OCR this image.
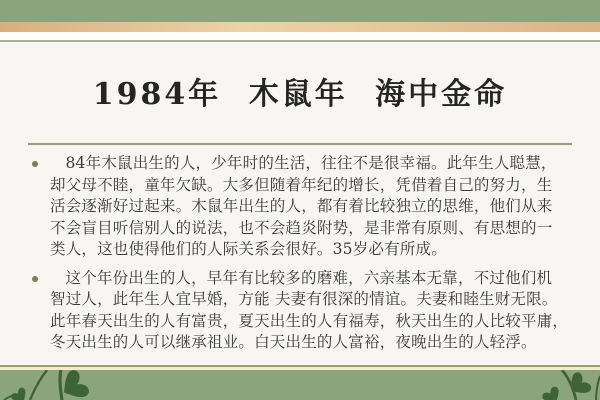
1984年 木鼠年 海中金命
84年木鼠出生的人，少年时的生活，往往不是很幸福。此年生人聪慧，
却父母不睦，童年欠缺。大多但随着年纪的增长，凭借着自己的努力，生
活会逐渐好过起来。木鼠年出生的人，都有着比较独立的思维，他们从来
不会盲目听信别人的说法，也不会趋炎附势，是非常有原则、有思想的一
类人，这也使得他们的人际关系会很好。35岁必有所成。
这个年份出生的人，早年有比较多的磨难，六亲基本无靠，不过他们机
智过人，此年生人宜早婚，方能 夫妻有很深的情谊。夫妻和睦生财无限。
此年春天出生的人有富贵，夏天出生的人有福寿，秋天出生的人比较平庸，
冬天出生的人可以继承祖业。白天出生的人富裕，夜晚出生的人轻浮。
